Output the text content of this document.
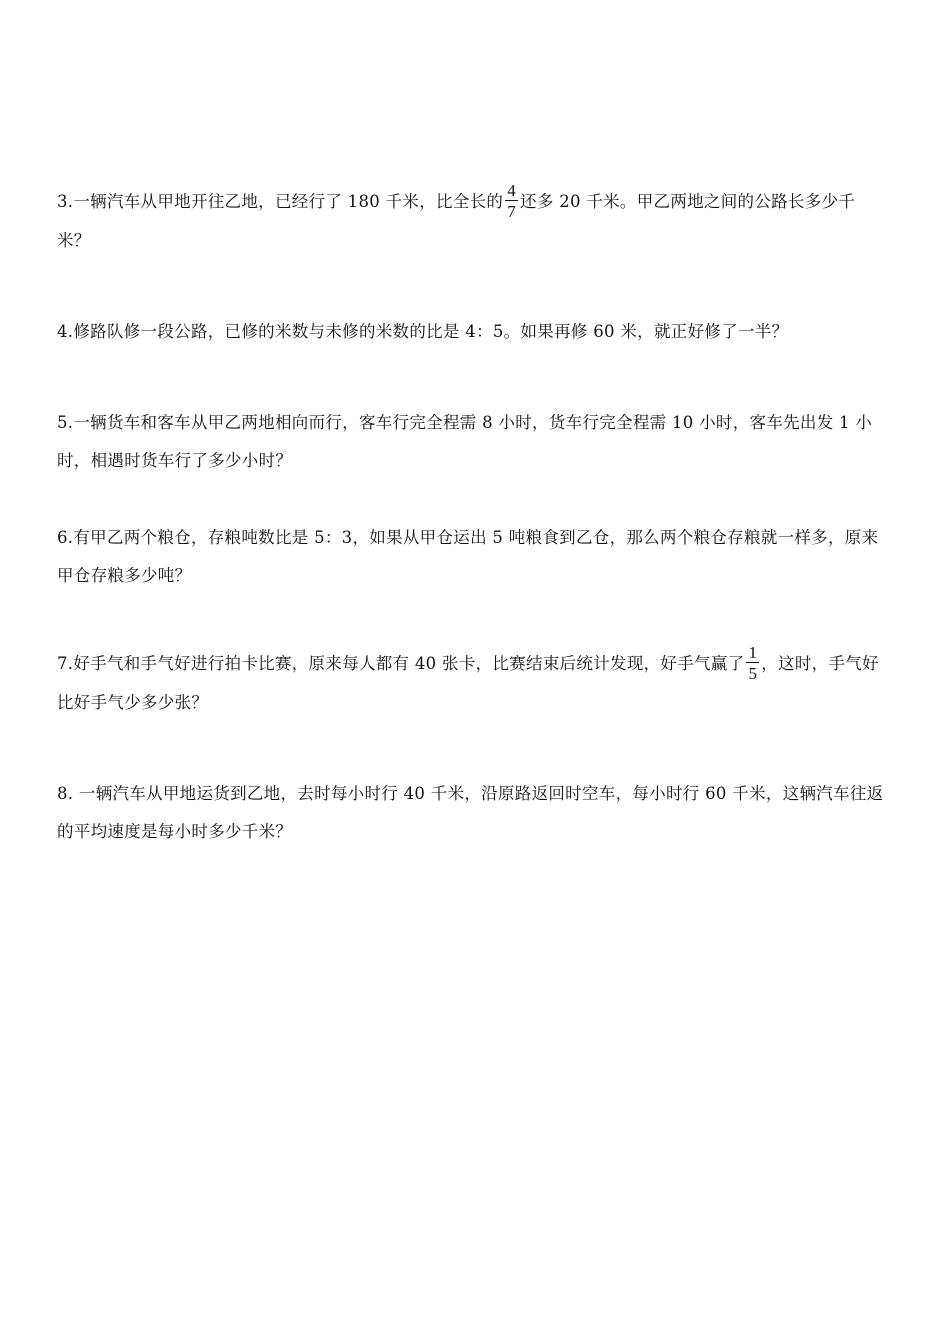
3.一辆汽车从甲地开往乙地，已经行了 180 千米，比全长的 $\frac{4}{7}$ 还多 20 千米。甲乙两地之间的公路长多少千米？
4.修路队修一段公路，已修的米数与未修的米数的比是 4：5。如果再修 60 米，就正好修了一半？
5.一辆货车和客车从甲乙两地相向而行，客车行完全程需 8 小时，货车行完全程需 10 小时，客车先出发 1 小时，相遇时货车行了多少小时？
6.有甲乙两个粮仓，存粮吨数比是 5：3，如果从甲仓运出 5 吨粮食到乙仓，那么两个粮仓存粮就一样多，原来甲仓存粮多少吨？
7.好手气和手气好进行拍卡比赛，原来每人都有 40 张卡，比赛结束后统计发现，好手气赢了 $\frac{1}{5}$ ，这时，手气好比好手气少多少张？
8. 一辆汽车从甲地运货到乙地，去时每小时行 40 千米，沿原路返回时空车，每小时行 60 千米，这辆汽车往返的平均速度是每小时多少千米？
